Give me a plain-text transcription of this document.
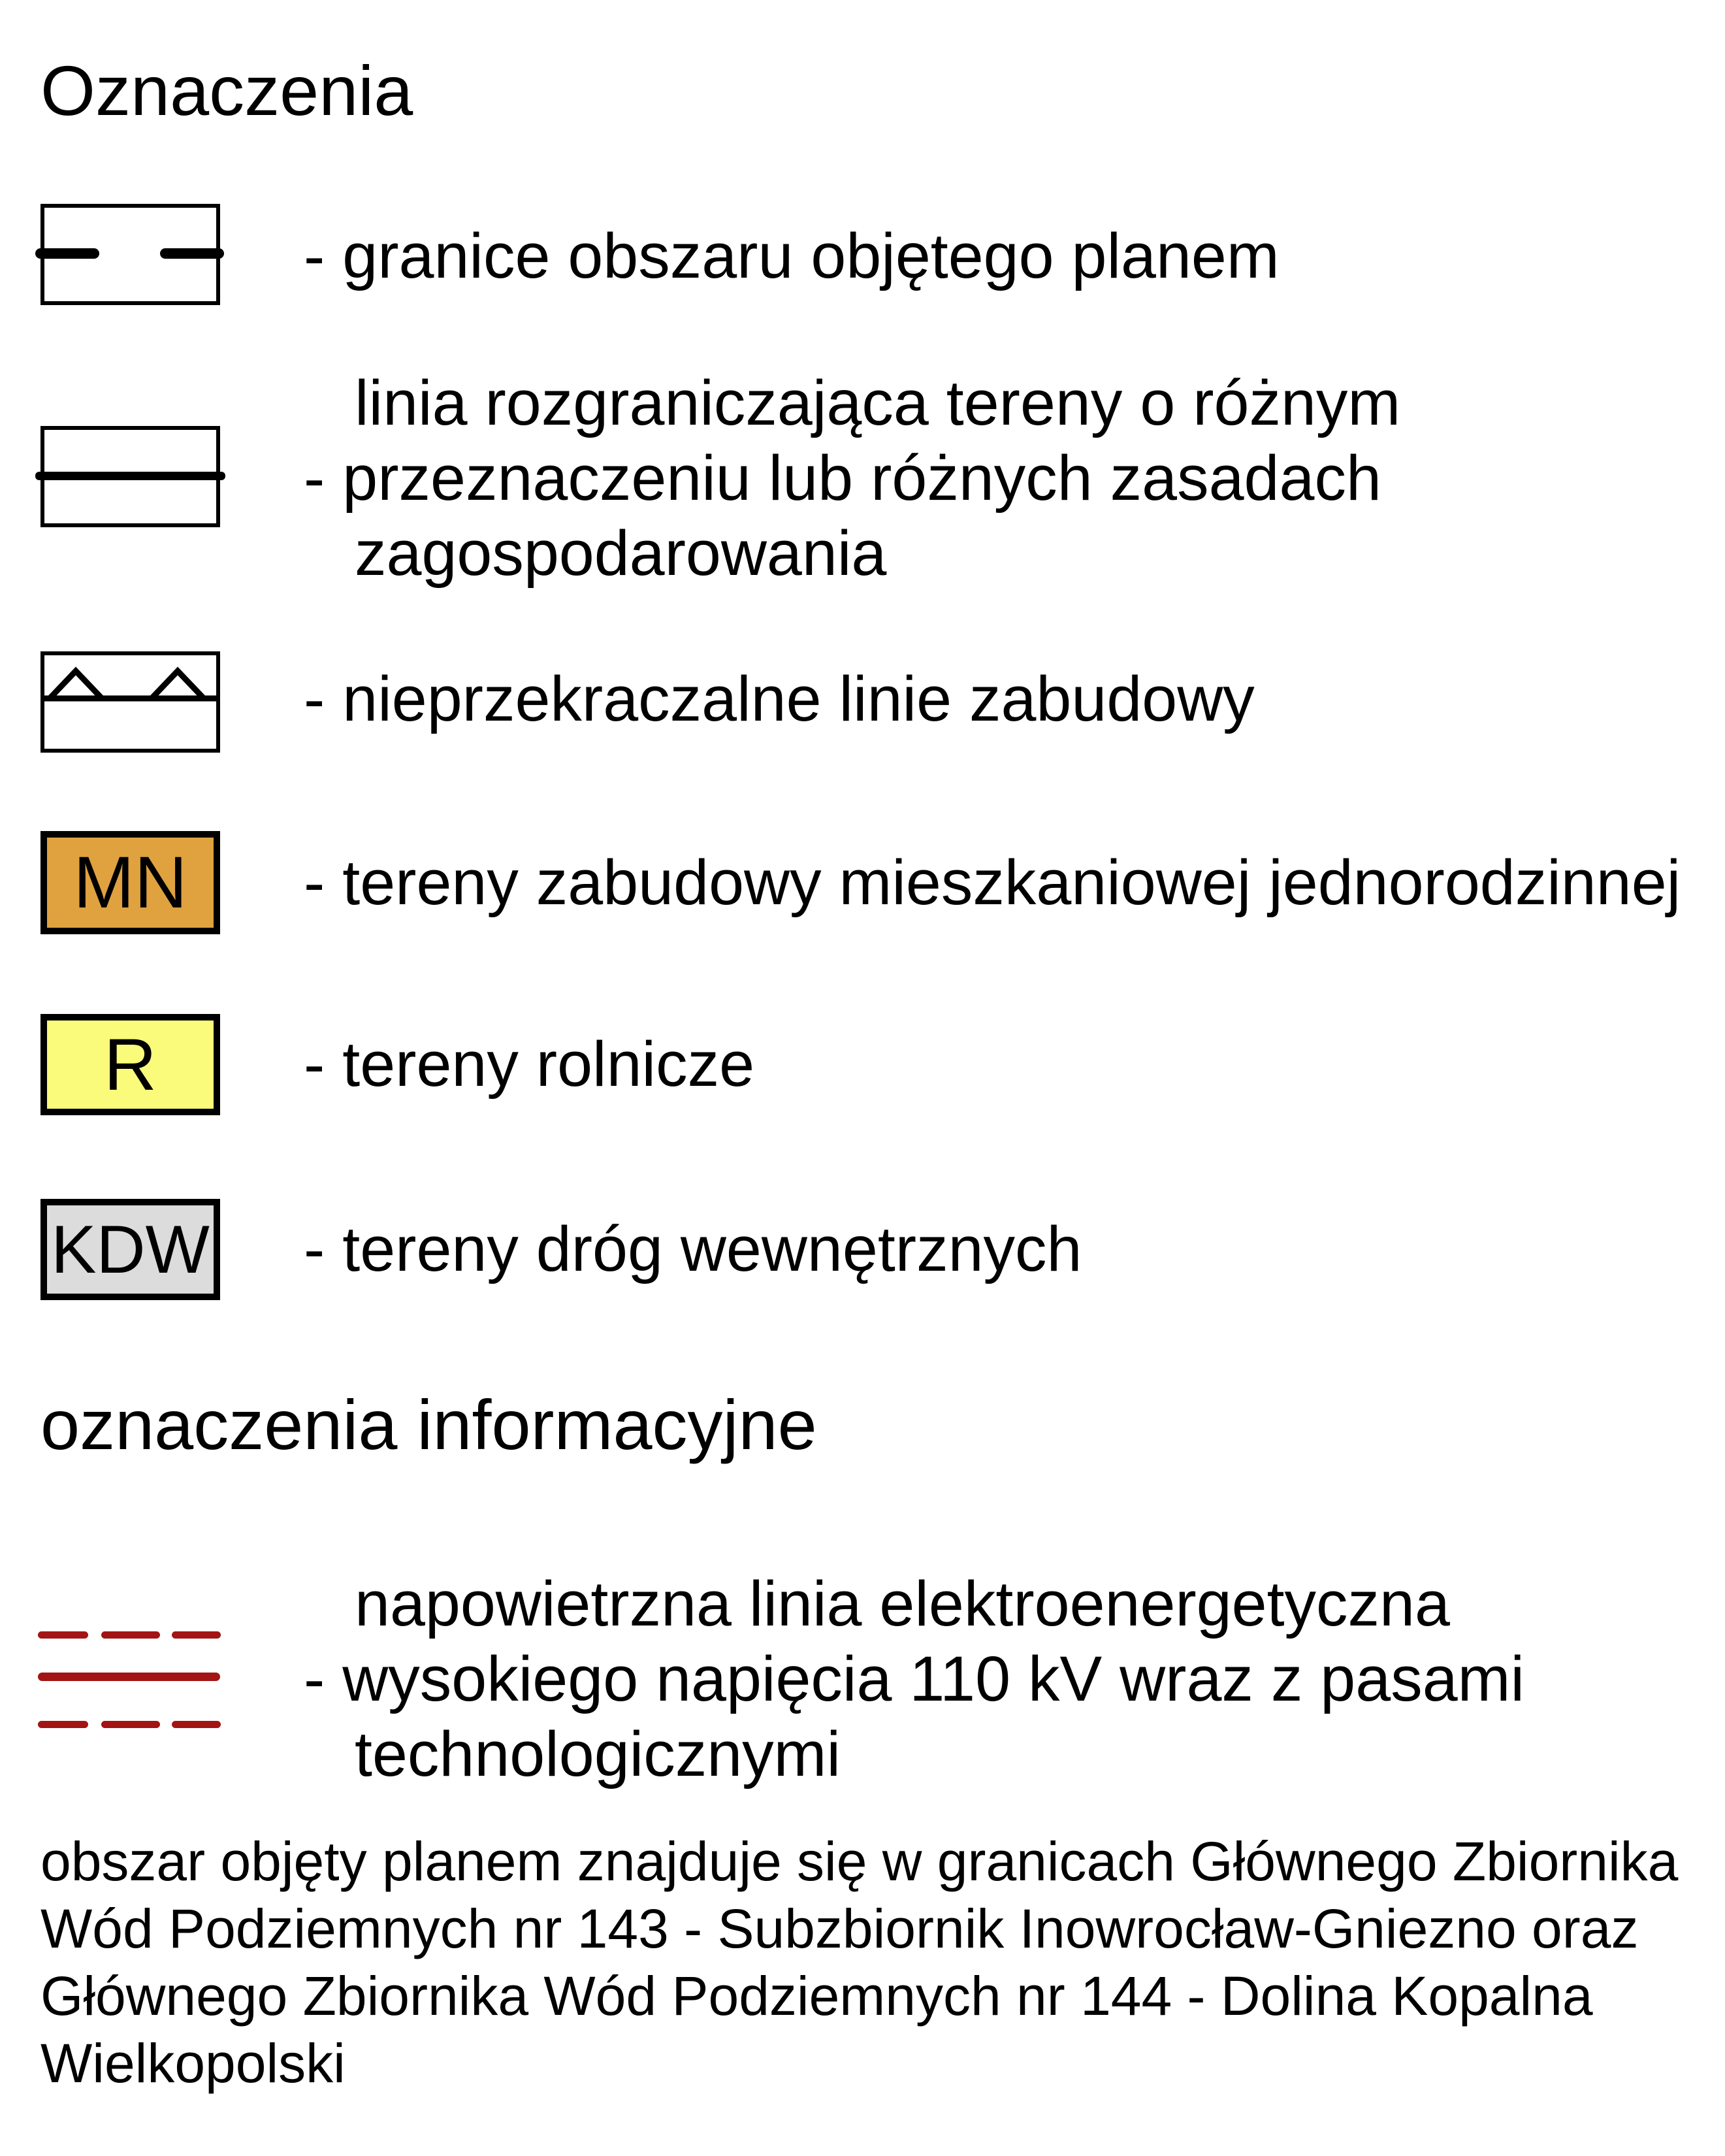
Oznaczenia
- granice obszaru objętego planem
linia rozgraniczająca tereny o różnym
- przeznaczeniu lub różnych zasadach
zagospodarowania
- nieprzekraczalne linie zabudowy
MN - tereny zabudowy mieszkaniowej jednorodzinnej
R - tereny rolnicze
KDW - tereny dróg wewnętrznych
oznaczenia informacyjne
napowietrzna linia elektroenergetyczna
- wysokiego napięcia 110 kV wraz z pasami
technologicznymi
obszar objęty planem znajduje się w granicach Głównego Zbiornika
Wód Podziemnych nr 143 - Subzbiornik Inowrocław-Gniezno oraz
Głównego Zbiornika Wód Podziemnych nr 144 - Dolina Kopalna
Wielkopolski
